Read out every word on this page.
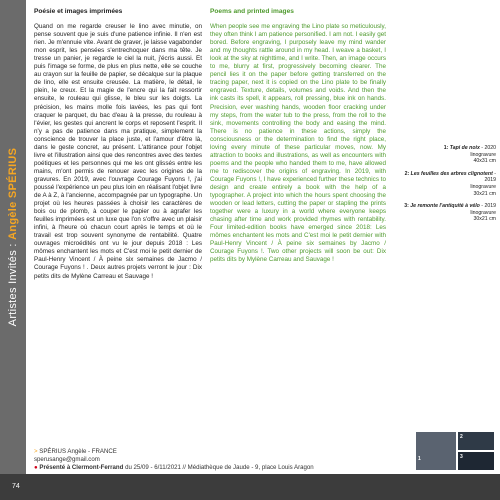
Artistes Invités : Angèle SPÉRIUS
Poésie et images imprimées

Quand on me regarde creuser le lino avec minutie, on pense souvent que je suis d'une patience infinie. Il n'en est rien. Je m'ennuie vite. Avant de graver, je laisse vagabonder mon esprit, les pensées s'entrechoquer dans ma tête. Je tresse un panier, je regarde le ciel la nuit, j'écris aussi. Et puis l'image se forme, de plus en plus nette, elle se couche au crayon sur la feuille de papier, se décalque sur la plaque de lino, elle est ensuite creusée. La matière, le détail, le plein, le creux. Et la magie de l'encre qui la fait ressortir ensuite, le rouleau qui glisse, le bleu sur les doigts. La précision, les mains molle fois lavées, les pas qui font craquer le parquet, du bac d'eau à la presse, du rouleau à l'évier, les gestes qui ancrent le corps et reposent l'esprit. Il n'y a pas de patience dans ma pratique, simplement la conscience de trouver la place juste, et l'amour d'être là, dans le geste concret, au présent. L'attirance pour l'objet livre et l'illustration ainsi que des rencontres avec des textes poétiques et les personnes qui me les ont glissés entre les mains, m'ont permis de renouer avec les origines de la gravures. En 2019, avec l'ouvrage Courage Fuyons !, j'ai poussé l'expérience un peu plus loin en réalisant l'objet livre de A à Z, à l'ancienne, accompagnée par un typographe. Un projet où les heures passées à choisir les caractères de bois ou de plomb, à couper le papier ou à agrafer les feuilles imprimées est un luxe que l'on s'offre avec un plaisir infini, à l'heure où chacun court après le temps et où le travail est trop souvent synonyme de rentabilité. Quatre ouvrages microédités ont vu le jour depuis 2018 : Les mômes enchantent les mots et C'est moi le petit dernier de Paul-Henry Vincent / À peine six semaines de Jacmo / Courage Fuyons ! . Deux autres projets verront le jour : Dix petits dits de Mylène Carreau et Sauvage !

Poems and printed images

When people see me engraving the Lino plate so meticulously, they often think I am patience personified. I am not. I easily get bored. Before engraving, I purposely leave my mind wander and my thoughts rattle around in my head. I weave a basket, I look at the sky at nighttime, and I write. Then, an image occurs to me, blurry at first, progressively becoming clearer. The pencil lies it on the paper before getting transferred on the tracing paper, next it is copied on the Lino plate to be finally engraved. Texture, details, volumes and voids. And then the ink casts its spell, it appears, roll pressing, blue ink on hands. Precision, ever washing hands, wooden floor cracking under my steps, from the water tub to the press, from the roll to the sink, movements controlling the body and easing the mind. There is no patience in these actions, simply the consciousness or the determination to find the right place, loving every minute of these particular moves, now. My attraction to books and illustrations, as well as encounters with poems and the people who handed them to me, have allowed me to rediscover the origins of engraving. In 2019, with Courage Fuyons !, I have experienced further these technics to design and create entirely a book with the help of a typographer. A project into which the hours spent choosing the wooden or lead letters, cutting the paper or stapling the prints together were a luxury in a world where everyone keeps chasing after time and work provided rhymes with rentability. Four limited-edition books have emerged since 2018: Les mômes enchantent les mots and C'est moi le petit dernier with Paul-Henry Vincent / À peine six semaines by Jacmo / Courage Fuyons !. Two other projects will soon be out: Dix petits dits by Mylène Carreau and Sauvage !

1: Tapi de noix - 2020
linogravure
40x31 cm
2: Les feuilles des arbres clignotent - 2019
linogravure
30x21 cm
3: Je remonte l'antiquité à vélo - 2019
linogravure
30x21 cm
> SPÉRIUS Angèle - FRANCE
sperusange@gmail.com
● Présenté à Clermont-Ferrand du 25/09 - 6/11/2021 // Médiathèque de Jaude - 9, place Louis Aragon
1
2
3
74
